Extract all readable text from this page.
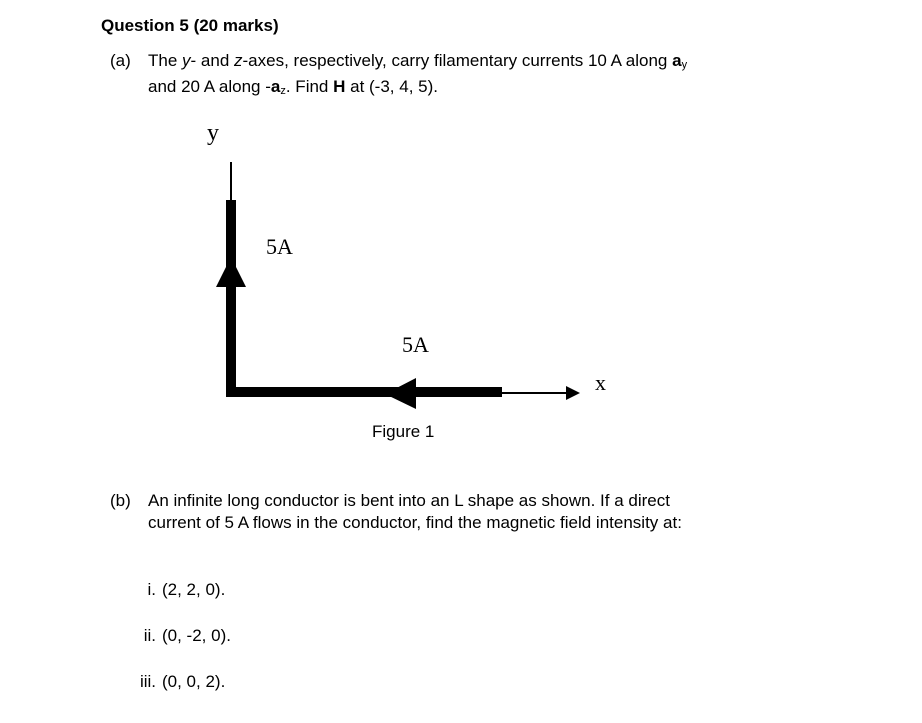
Question 5 (20 marks)
(a) The y- and z-axes, respectively, carry filamentary currents 10 A along $a_y$ and 20 A along $-a_z$. Find H at (-3, 4, 5).
y
x
5A
5A
Figure 1
(b) An infinite long conductor is bent into an L shape as shown. If a direct current of 5 A flows in the conductor, find the magnetic field intensity at:
i. (2, 2, 0).
ii. (0, -2, 0).
iii. (0, 0, 2).
